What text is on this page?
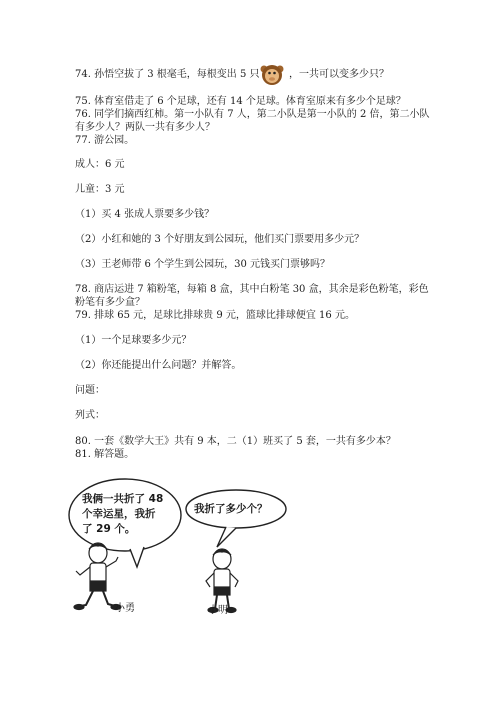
74. 孙悟空拔了 3 根毫毛，每根变出 5 只	，一共可以变多少只？
75. 体育室借走了 6 个足球，还有 14 个足球。体育室原来有多少个足球？
76. 同学们摘西红柿。第一小队有 7 人，第二小队是第一小队的 2 倍，第二小队
有多少人？两队一共有多少人？
77. 游公园。
成人：6 元
儿童：3 元
（1）买 4 张成人票要多少钱？
（2）小红和她的 3 个好朋友到公园玩，他们买门票要用多少元？
（3）王老师带 6 个学生到公园玩，30 元钱买门票够吗？
78. 商店运进 7 箱粉笔，每箱 8 盒，其中白粉笔 30 盒，其余是彩色粉笔，彩色
粉笔有多少盒？
79. 排球 65 元，足球比排球贵 9 元，篮球比排球便宜 16 元。
（1）一个足球要多少元？
（2）你还能提出什么问题？并解答。
问题：
列式：
80. 一套《数学大王》共有 9 本，二（1）班买了 5 套，一共有多少本？
81. 解答题。
我俩一共折了 48
个幸运星，我折
了 29 个。
我折了多少个？
小勇	小明
